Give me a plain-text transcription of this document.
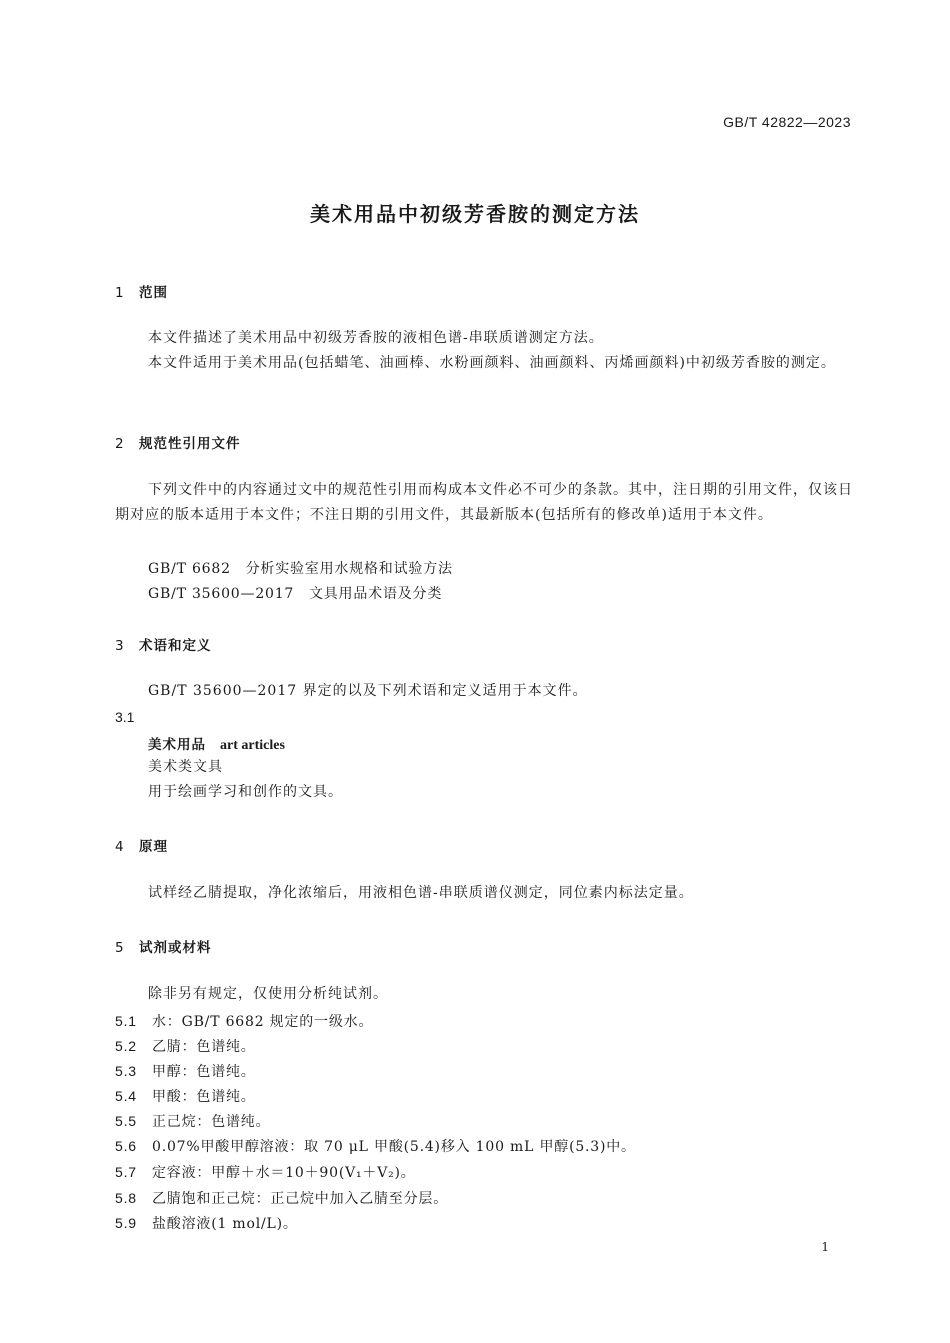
GB/T 42822—2023
美术用品中初级芳香胺的测定方法
1 范围
本文件描述了美术用品中初级芳香胺的液相色谱-串联质谱测定方法。
本文件适用于美术用品(包括蜡笔、油画棒、水粉画颜料、油画颜料、丙烯画颜料)中初级芳香胺的测定。
2 规范性引用文件
下列文件中的内容通过文中的规范性引用而构成本文件必不可少的条款。其中，注日期的引用文件，仅该日期对应的版本适用于本文件；不注日期的引用文件，其最新版本(包括所有的修改单)适用于本文件。
GB/T 6682　分析实验室用水规格和试验方法
GB/T 35600—2017　文具用品术语及分类
3 术语和定义
GB/T 35600—2017 界定的以及下列术语和定义适用于本文件。
3.1
美术用品 art articles
美术类文具
用于绘画学习和创作的文具。
4 原理
试样经乙腈提取，净化浓缩后，用液相色谱-串联质谱仪测定，同位素内标法定量。
5 试剂或材料
除非另有规定，仅使用分析纯试剂。
5.1 水：GB/T 6682 规定的一级水。
5.2 乙腈：色谱纯。
5.3 甲醇：色谱纯。
5.4 甲酸：色谱纯。
5.5 正己烷：色谱纯。
5.6 0.07%甲酸甲醇溶液：取 70 μL 甲酸(5.4)移入 100 mL 甲醇(5.3)中。
5.7 定容液：甲醇＋水＝10＋90(V₁＋V₂)。
5.8 乙腈饱和正己烷：正己烷中加入乙腈至分层。
5.9 盐酸溶液(1 mol/L)。
1
